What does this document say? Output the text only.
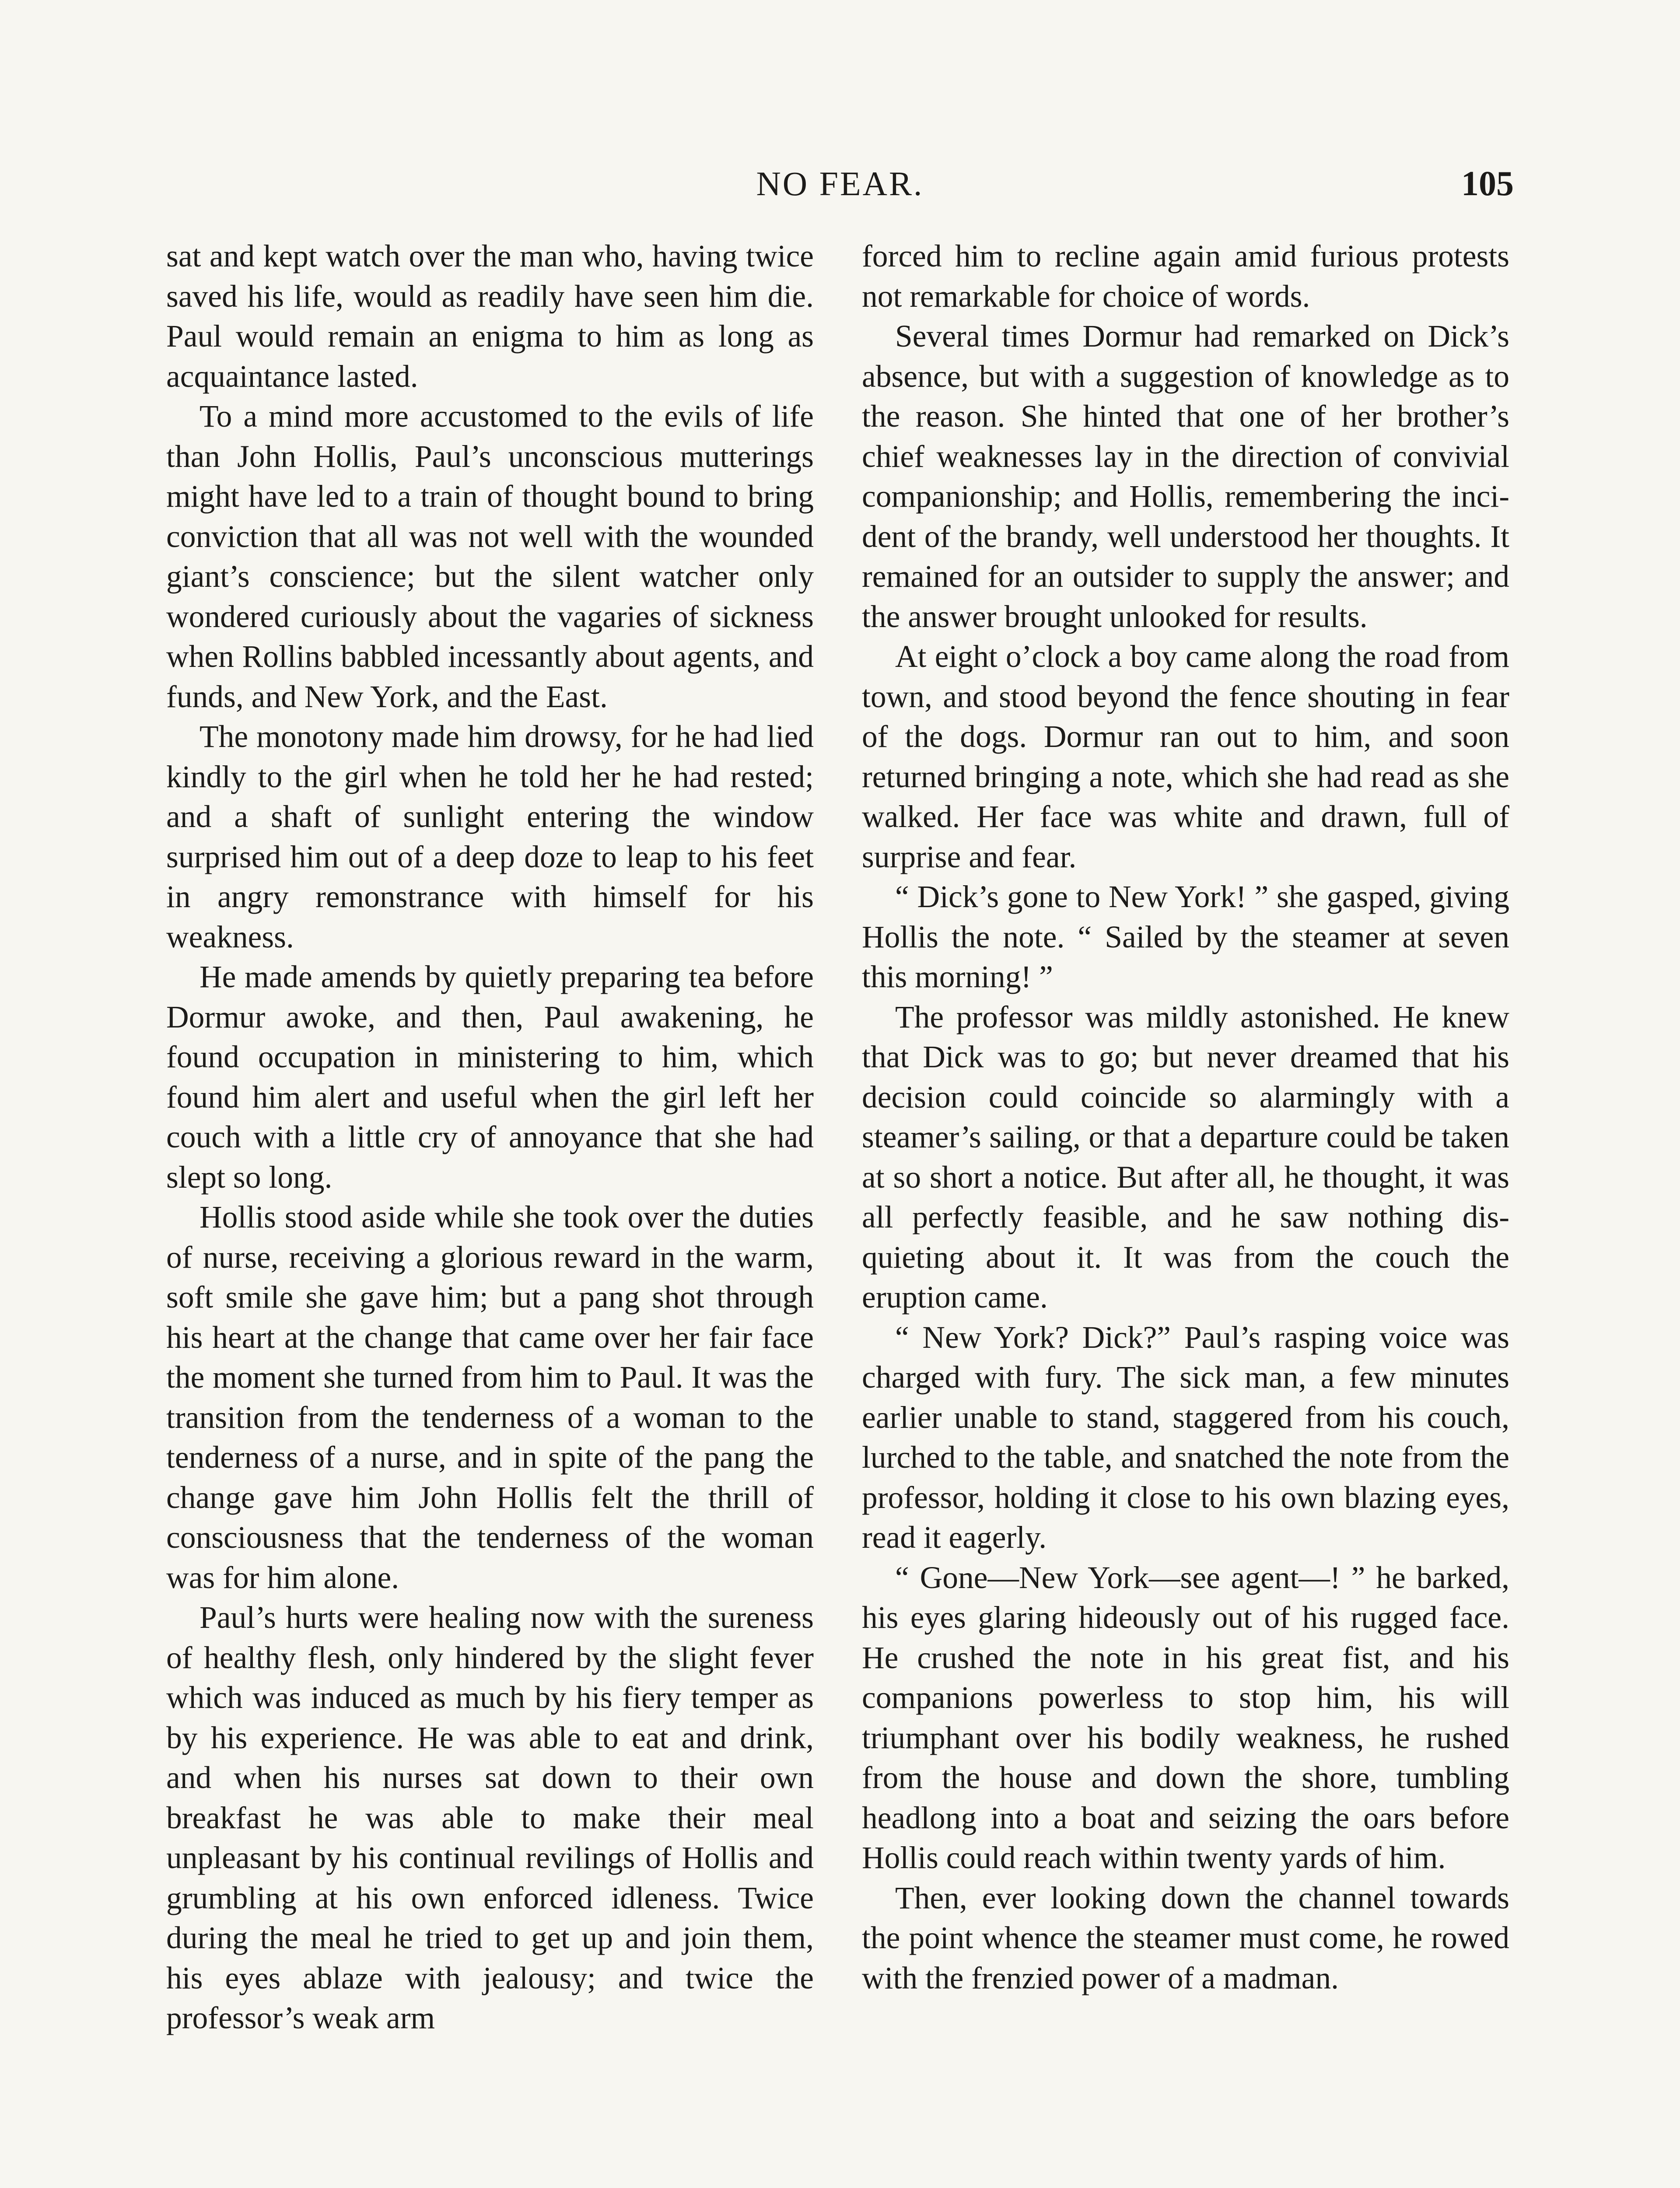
NO FEAR.	105

sat and kept watch over the man who, having twice saved his life, would as readily have seen him die. Paul would remain an enigma to him as long as acquaintance lasted.

To a mind more accustomed to the evils of life than John Hollis, Paul’s unconscious mutterings might have led to a train of thought bound to bring conviction that all was not well with the wounded giant’s conscience; but the silent watcher only wondered curiously about the vagaries of sickness when Rollins babbled incessantly about agents, and funds, and New York, and the East.

The monotony made him drowsy, for he had lied kindly to the girl when he told her he had rested; and a shaft of sunlight entering the window surprised him out of a deep doze to leap to his feet in angry remonstrance with himself for his weakness.

He made amends by quietly preparing tea before Dormur awoke, and then, Paul awakening, he found occupation in ministering to him, which found him alert and useful when the girl left her couch with a little cry of annoyance that she had slept so long.

Hollis stood aside while she took over the duties of nurse, receiving a glorious reward in the warm, soft smile she gave him; but a pang shot through his heart at the change that came over her fair face the moment she turned from him to Paul. It was the transition from the tenderness of a woman to the tenderness of a nurse, and in spite of the pang the change gave him John Hollis felt the thrill of consciousness that the tenderness of the woman was for him alone.

Paul’s hurts were healing now with the sureness of healthy flesh, only hindered by the slight fever which was induced as much by his fiery temper as by his experience. He was able to eat and drink, and when his nurses sat down to their own breakfast he was able to make their meal unpleasant by his continual revilings of Hollis and grumbling at his own enforced idleness. Twice during the meal he tried to get up and join them, his eyes ablaze with jealousy; and twice the professor’s weak arm

forced him to recline again amid furious protests not remarkable for choice of words.

Several times Dormur had remarked on Dick’s absence, but with a suggestion of knowledge as to the reason. She hinted that one of her brother’s chief weaknesses lay in the direction of convivial companionship; and Hollis, remembering the incident of the brandy, well understood her thoughts. It remained for an outsider to supply the answer; and the answer brought unlooked for results.

At eight o’clock a boy came along the road from town, and stood beyond the fence shouting in fear of the dogs. Dormur ran out to him, and soon returned bringing a note, which she had read as she walked. Her face was white and drawn, full of surprise and fear.

“ Dick’s gone to New York! ” she gasped, giving Hollis the note. “ Sailed by the steamer at seven this morning! ”

The professor was mildly astonished. He knew that Dick was to go; but never dreamed that his decision could coincide so alarmingly with a steamer’s sailing, or that a departure could be taken at so short a notice. But after all, he thought, it was all perfectly feasible, and he saw nothing disquieting about it. It was from the couch the eruption came.

“ New York? Dick?” Paul’s rasping voice was charged with fury. The sick man, a few minutes earlier unable to stand, staggered from his couch, lurched to the table, and snatched the note from the professor, holding it close to his own blazing eyes, read it eagerly.

“ Gone—New York—see agent—! ” he barked, his eyes glaring hideously out of his rugged face. He crushed the note in his great fist, and his companions powerless to stop him, his will triumphant over his bodily weakness, he rushed from the house and down the shore, tumbling headlong into a boat and seizing the oars before Hollis could reach within twenty yards of him.

Then, ever looking down the channel towards the point whence the steamer must come, he rowed with the frenzied power of a madman.
